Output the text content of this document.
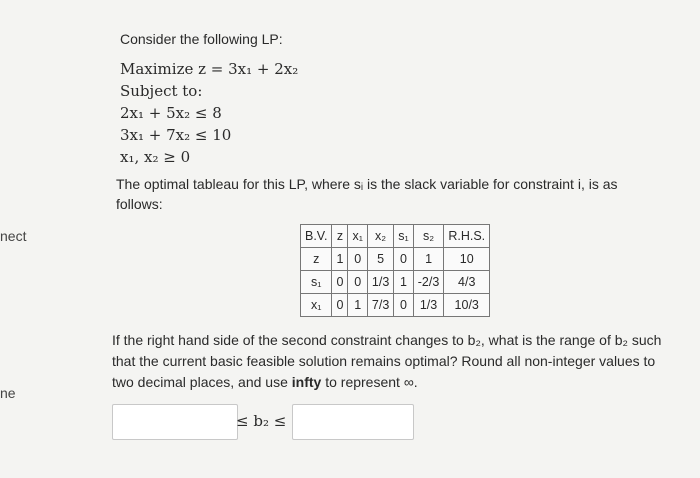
nect
ne
Consider the following LP:
Maximize z = 3x₁ + 2x₂
Subject to:
2x₁ + 5x₂ ≤ 8
3x₁ + 7x₂ ≤ 10
x₁, x₂ ≥ 0
The optimal tableau for this LP, where sᵢ is the slack variable for constraint i, is as follows:
B.V.	z	x₁	x₂	s₁	s₂	R.H.S.
z	1	0	5	0	1	10
s₁	0	0	1/3	1	-2/3	4/3
x₁	0	1	7/3	0	1/3	10/3
If the right hand side of the second constraint changes to b₂, what is the range of b₂ such that the current basic feasible solution remains optimal? Round all non-integer values to two decimal places, and use infty to represent ∞.
≤ b₂ ≤
